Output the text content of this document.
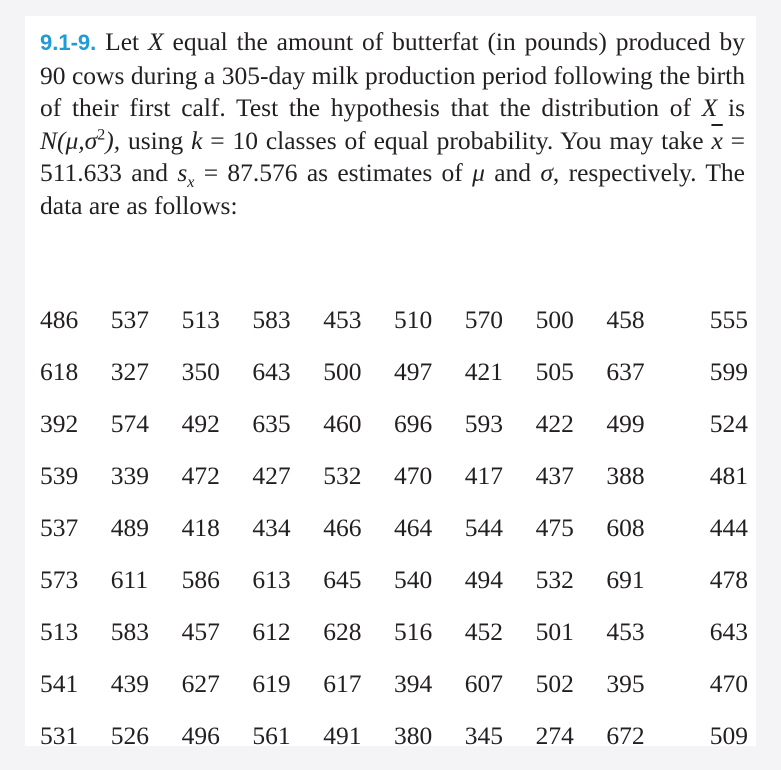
9.1-9. Let X equal the amount of butterfat (in pounds) produced by 90 cows during a 305-day milk production period following the birth of their first calf. Test the hypothesis that the distribution of X is $N(\mu,\sigma^2)$, using k = 10 classes of equal probability. You may take $\overline{x} = 511.633$ and $s_x = 87.576$ as estimates of μ and σ, respectively. The data are as follows:

486	537	513	583	453	510	570	500	458	555
618	327	350	643	500	497	421	505	637	599
392	574	492	635	460	696	593	422	499	524
539	339	472	427	532	470	417	437	388	481
537	489	418	434	466	464	544	475	608	444
573	611	586	613	645	540	494	532	691	478
513	583	457	612	628	516	452	501	453	643
541	439	627	619	617	394	607	502	395	470
531	526	496	561	491	380	345	274	672	509
